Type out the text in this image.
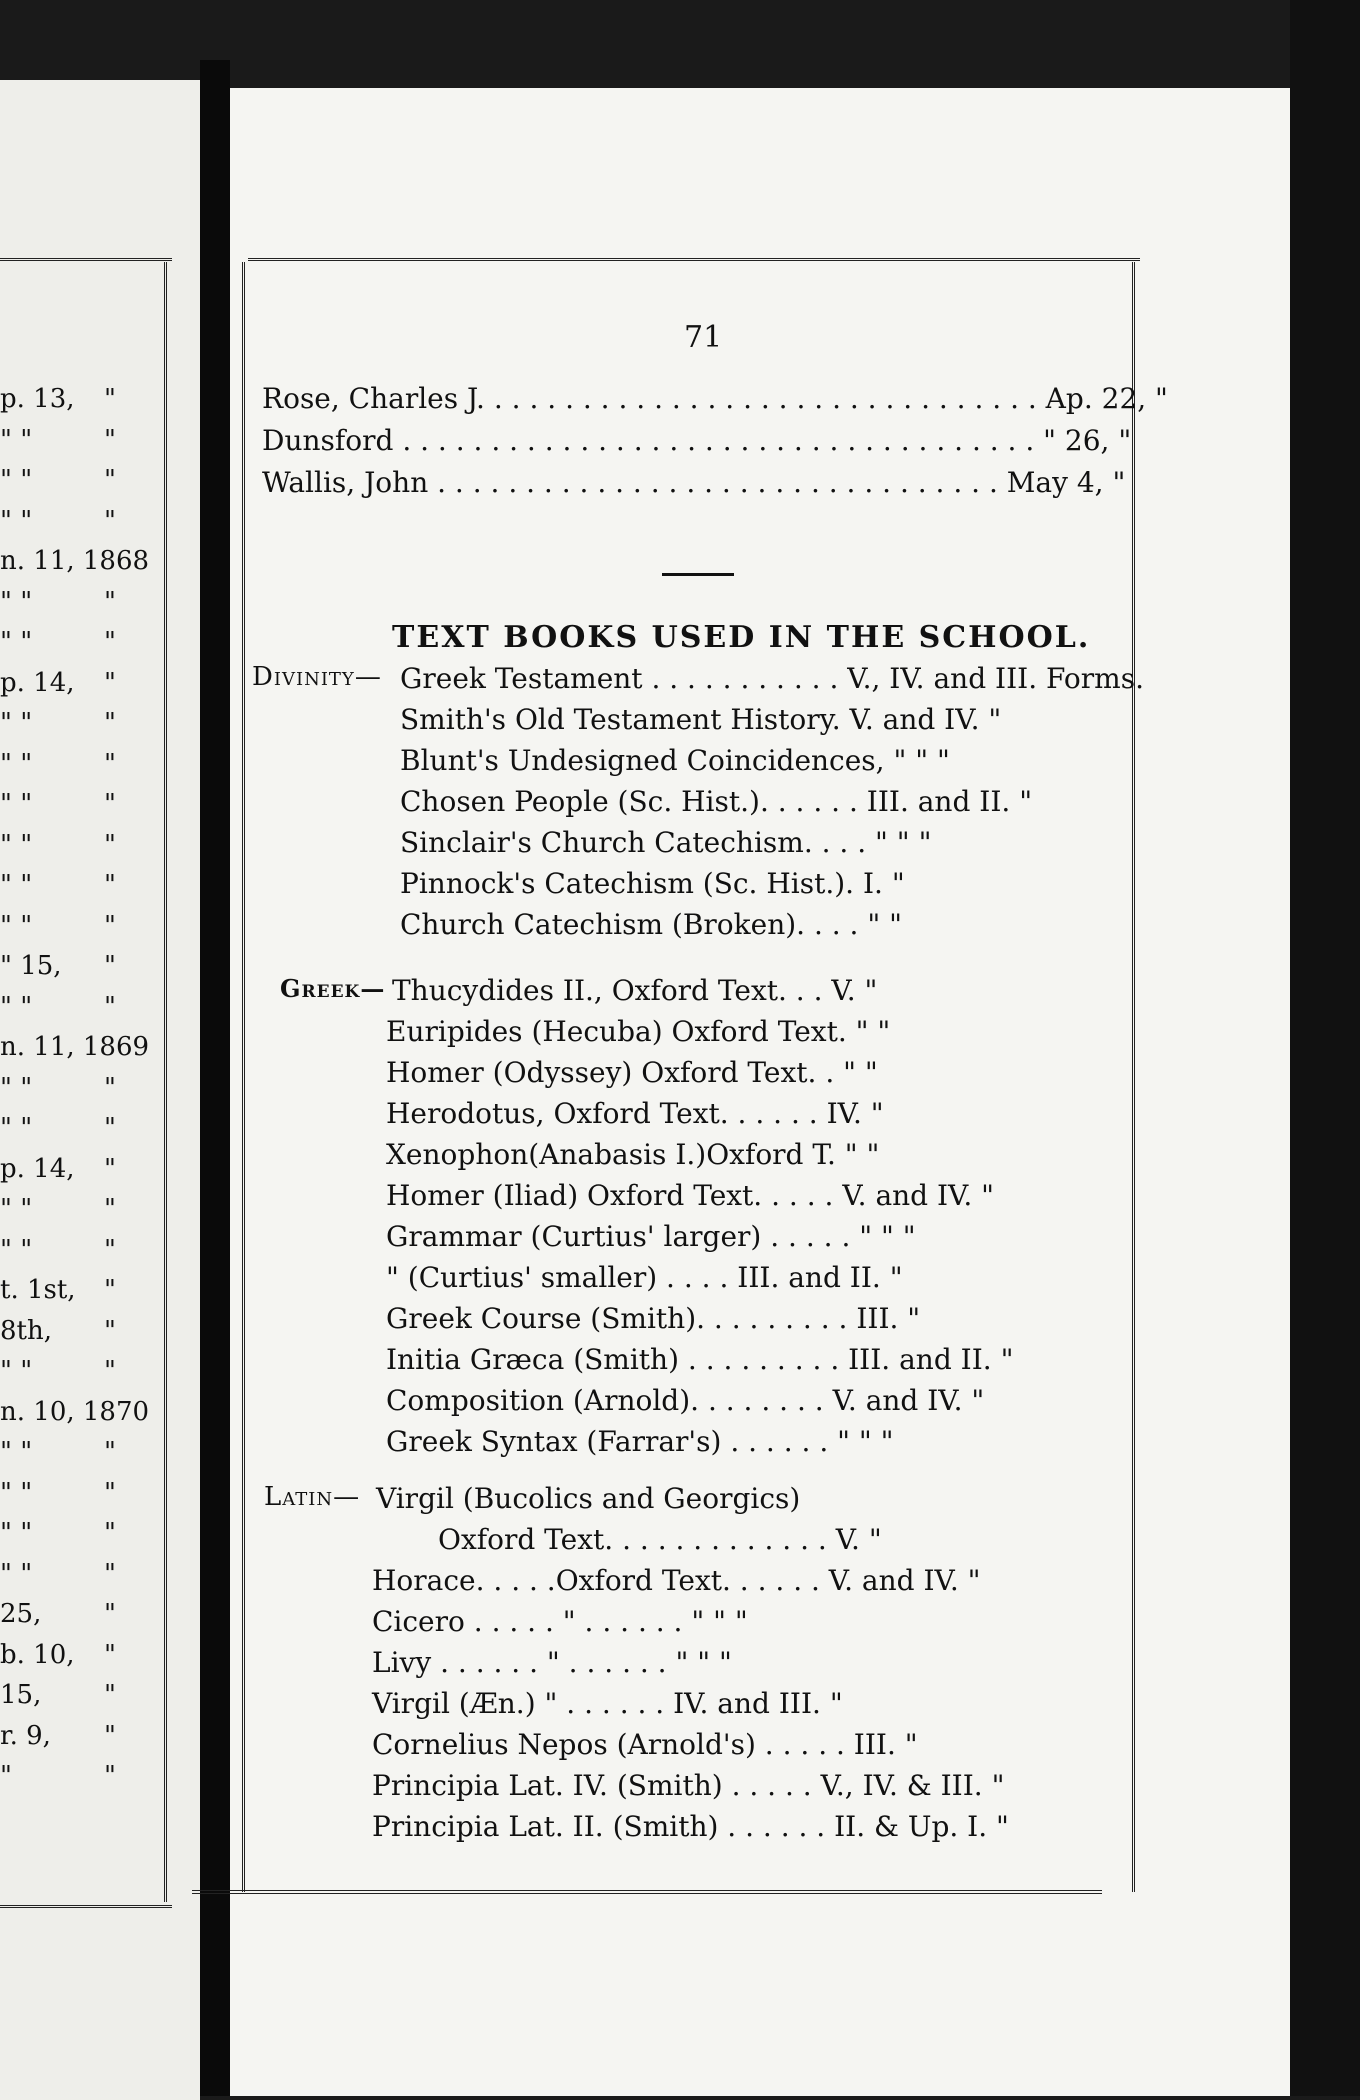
p. 13, "
" "	"
" "	"
" "	"
n. 11, 1868
" "	"
" "	"
p. 14, "
" "	"
" "	"
" "	"
" "	"
" "	"
" "	"
" 15,	"
" "	"
n. 11, 1869
" "	"
" "	"
p. 14, "
" "	"
" "	"
t. 1st, "
8th,	"
" "	"
n. 10, 1870
" "	"
" "	"
" "	"
" "	"
25,	"
b. 10, "
15,	"
r. 9,	"
"	"
71
Rose, Charles J. . . . . . . . . . . . . . . . . . . . . . . . . . . . . . . . Ap. 22, "
Dunsford . . . . . . . . . . . . . . . . . . . . . . . . . . . . . . . . . . . . " 26, "
Wallis, John . . . . . . . . . . . . . . . . . . . . . . . . . . . . . . . . May 4, "
TEXT BOOKS USED IN THE SCHOOL.
Divinity— Greek Testament . . . . . . . . . . . V., IV. and III. Forms.
Smith's Old Testament History. V. and IV. "
Blunt's Undesigned Coincidences, " " "
Chosen People (Sc. Hist.). . . . . . III. and II. "
Sinclair's Church Catechism. . . . " " "
Pinnock's Catechism (Sc. Hist.). I. "
Church Catechism (Broken). . . . " "
Greek— Thucydides II., Oxford Text. . . V. "
Euripides (Hecuba) Oxford Text. " "
Homer (Odyssey) Oxford Text. . " "
Herodotus, Oxford Text. . . . . . IV. "
Xenophon(Anabasis I.)Oxford T. " "
Homer (Iliad) Oxford Text. . . . . V. and IV. "
Grammar (Curtius' larger) . . . . . " " "
" (Curtius' smaller) . . . . III. and II. "
Greek Course (Smith). . . . . . . . . III. "
Initia Græca (Smith) . . . . . . . . . III. and II. "
Composition (Arnold). . . . . . . . V. and IV. "
Greek Syntax (Farrar's) . . . . . . " " "
Latin— Virgil (Bucolics and Georgics)
Oxford Text. . . . . . . . . . . . . V. "
Horace. . . . .Oxford Text. . . . . . V. and IV. "
Cicero . . . . . " . . . . . . " " "
Livy . . . . . . " . . . . . . " " "
Virgil (Æn.) " . . . . . . IV. and III. "
Cornelius Nepos (Arnold's) . . . . . III. "
Principia Lat. IV. (Smith) . . . . . V., IV. & III. "
Principia Lat. II. (Smith) . . . . . . II. & Up. I. "
